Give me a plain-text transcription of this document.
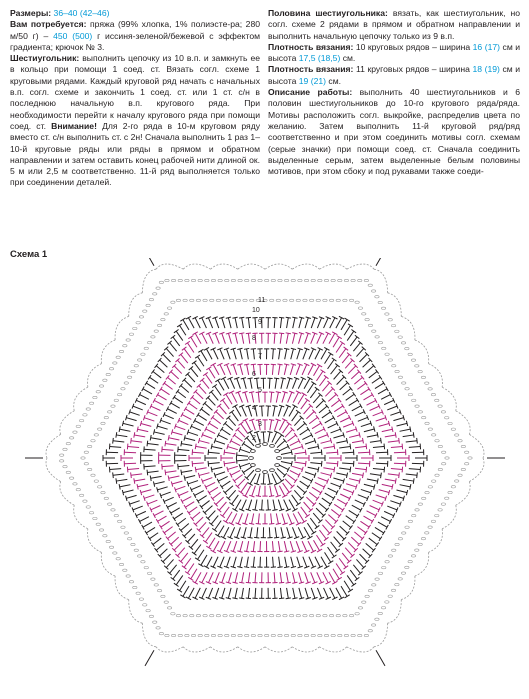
Размеры: 36–40 (42–46)

Вам потребуется: пряжа (99% хлопка, 1% полиэсте-ра; 280 м/50 г) – 450 (500) г иссиня-зеленой/бежевой с эффектом градиента; крючок № 3.

Шестиугольник: выполнить цепочку из 10 в.п. и замкнуть ее в кольцо при помощи 1 соед. ст. Вязать согл. схеме 1 круговыми рядами. Каждый круговой ряд начать с начальных в.п. согл. схеме и закончить 1 соед. ст. или 1 ст. с/н в последнюю начальную в.п. кругового ряда. При необходимости перейти к началу кругового ряда при помощи соед. ст. Внимание! Для 2-го ряда в 10-м круговом ряду вместо ст. с/н выполнить ст. с 2н! Сначала выполнить 1 раз 1–10-й круговые ряды или ряды в прямом и обратном направлении и затем оставить конец рабочей нити длиной ок. 5 м или 2,5 м соответственно. 11-й ряд выполняется только при соединении деталей.

Половина шестиугольника: вязать, как шестиугольник, но согл. схеме 2 рядами в прямом и обратном направлении и выполнить начальную цепочку только из 9 в.п.

Плотность вязания: 10 круговых рядов – ширина 16 (17) см и высота 17,5 (18,5) см.

Плотность вязания: 11 круговых рядов – ширина 18 (19) см и высота 19 (21) см.

Описание работы: выполнить 40 шестиугольников и 6 половин шестиугольников до 10-го кругового ряда/ряда. Мотивы расположить согл. выкройке, распределив цвета по желанию. Затем выполнить 11-й круговой ряд/ряд соответственно и при этом соединить мотивы согл. схемам (серые значки) при помощи соед. ст. Сначала соединить выделенные серым, затем выделенные белым половины мотивов, при этом сбоку и под рукавами также соеди-

Схема 1
11
10
9
8
7
6
5
4
3
2
1
